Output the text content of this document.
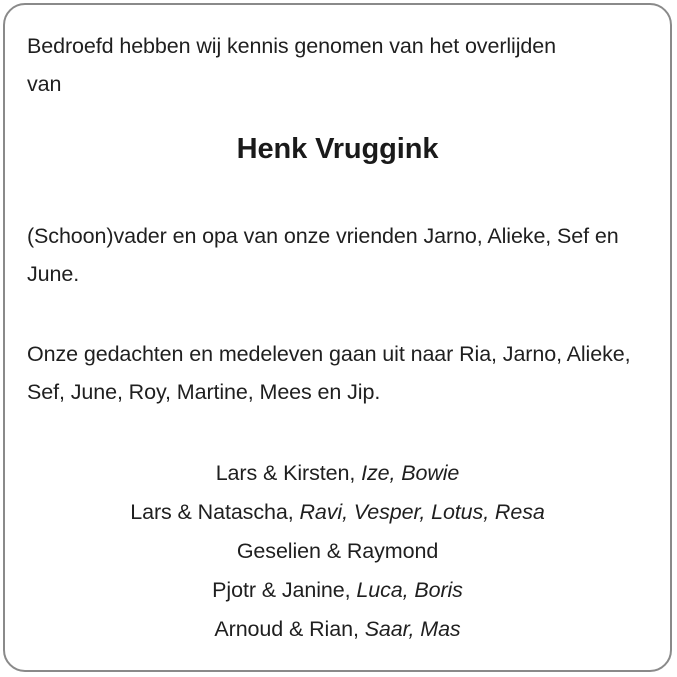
Bedroefd hebben wij kennis genomen van het overlijden van

Henk Vruggink

(Schoon)vader en opa van onze vrienden Jarno, Alieke, Sef en June.

Onze gedachten en medeleven gaan uit naar Ria, Jarno, Alieke, Sef, June, Roy, Martine, Mees en Jip.

Lars & Kirsten, Ize, Bowie
Lars & Natascha, Ravi, Vesper, Lotus, Resa
Geselien & Raymond
Pjotr & Janine, Luca, Boris
Arnoud & Rian, Saar, Mas
